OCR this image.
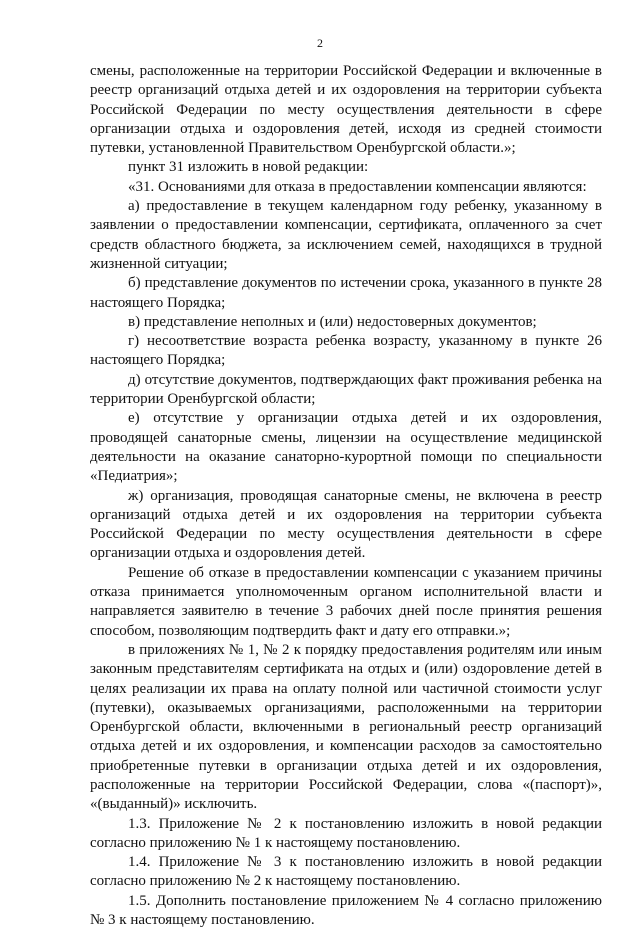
2

смены, расположенные на территории Российской Федерации и включенные в реестр организаций отдыха детей и их оздоровления на территории субъекта Российской Федерации по месту осуществления деятельности в сфере организации отдыха и оздоровления детей, исходя из средней стоимости путевки, установленной Правительством Оренбургской области.»;

пункт 31 изложить в новой редакции:

«31. Основаниями для отказа в предоставлении компенсации являются:

а) предоставление в текущем календарном году ребенку, указанному в заявлении о предоставлении компенсации, сертификата, оплаченного за счет средств областного бюджета, за исключением семей, находящихся в трудной жизненной ситуации;

б) представление документов по истечении срока, указанного в пункте 28 настоящего Порядка;

в) представление неполных и (или) недостоверных документов;

г) несоответствие возраста ребенка возрасту, указанному в пункте 26 настоящего Порядка;

д) отсутствие документов, подтверждающих факт проживания ребенка на территории Оренбургской области;

е) отсутствие у организации отдыха детей и их оздоровления, проводящей санаторные смены, лицензии на осуществление медицинской деятельности на оказание санаторно-курортной помощи по специальности «Педиатрия»;

ж) организация, проводящая санаторные смены, не включена в реестр организаций отдыха детей и их оздоровления на территории субъекта Российской Федерации по месту осуществления деятельности в сфере организации отдыха и оздоровления детей.

Решение об отказе в предоставлении компенсации с указанием причины отказа принимается уполномоченным органом исполнительной власти и направляется заявителю в течение 3 рабочих дней после принятия решения способом, позволяющим подтвердить факт и дату его отправки.»;

в приложениях № 1, № 2 к порядку предоставления родителям или иным законным представителям сертификата на отдых и (или) оздоровление детей в целях реализации их права на оплату полной или частичной стоимости услуг (путевки), оказываемых организациями, расположенными на территории Оренбургской области, включенными в региональный реестр организаций отдыха детей и их оздоровления, и компенсации расходов за самостоятельно приобретенные путевки в организации отдыха детей и их оздоровления, расположенные на территории Российской Федерации, слова «(паспорт)», «(выданный)» исключить.

1.3. Приложение № 2 к постановлению изложить в новой редакции согласно приложению № 1 к настоящему постановлению.

1.4. Приложение № 3 к постановлению изложить в новой редакции согласно приложению № 2 к настоящему постановлению.

1.5. Дополнить постановление приложением № 4 согласно приложению № 3 к настоящему постановлению.
